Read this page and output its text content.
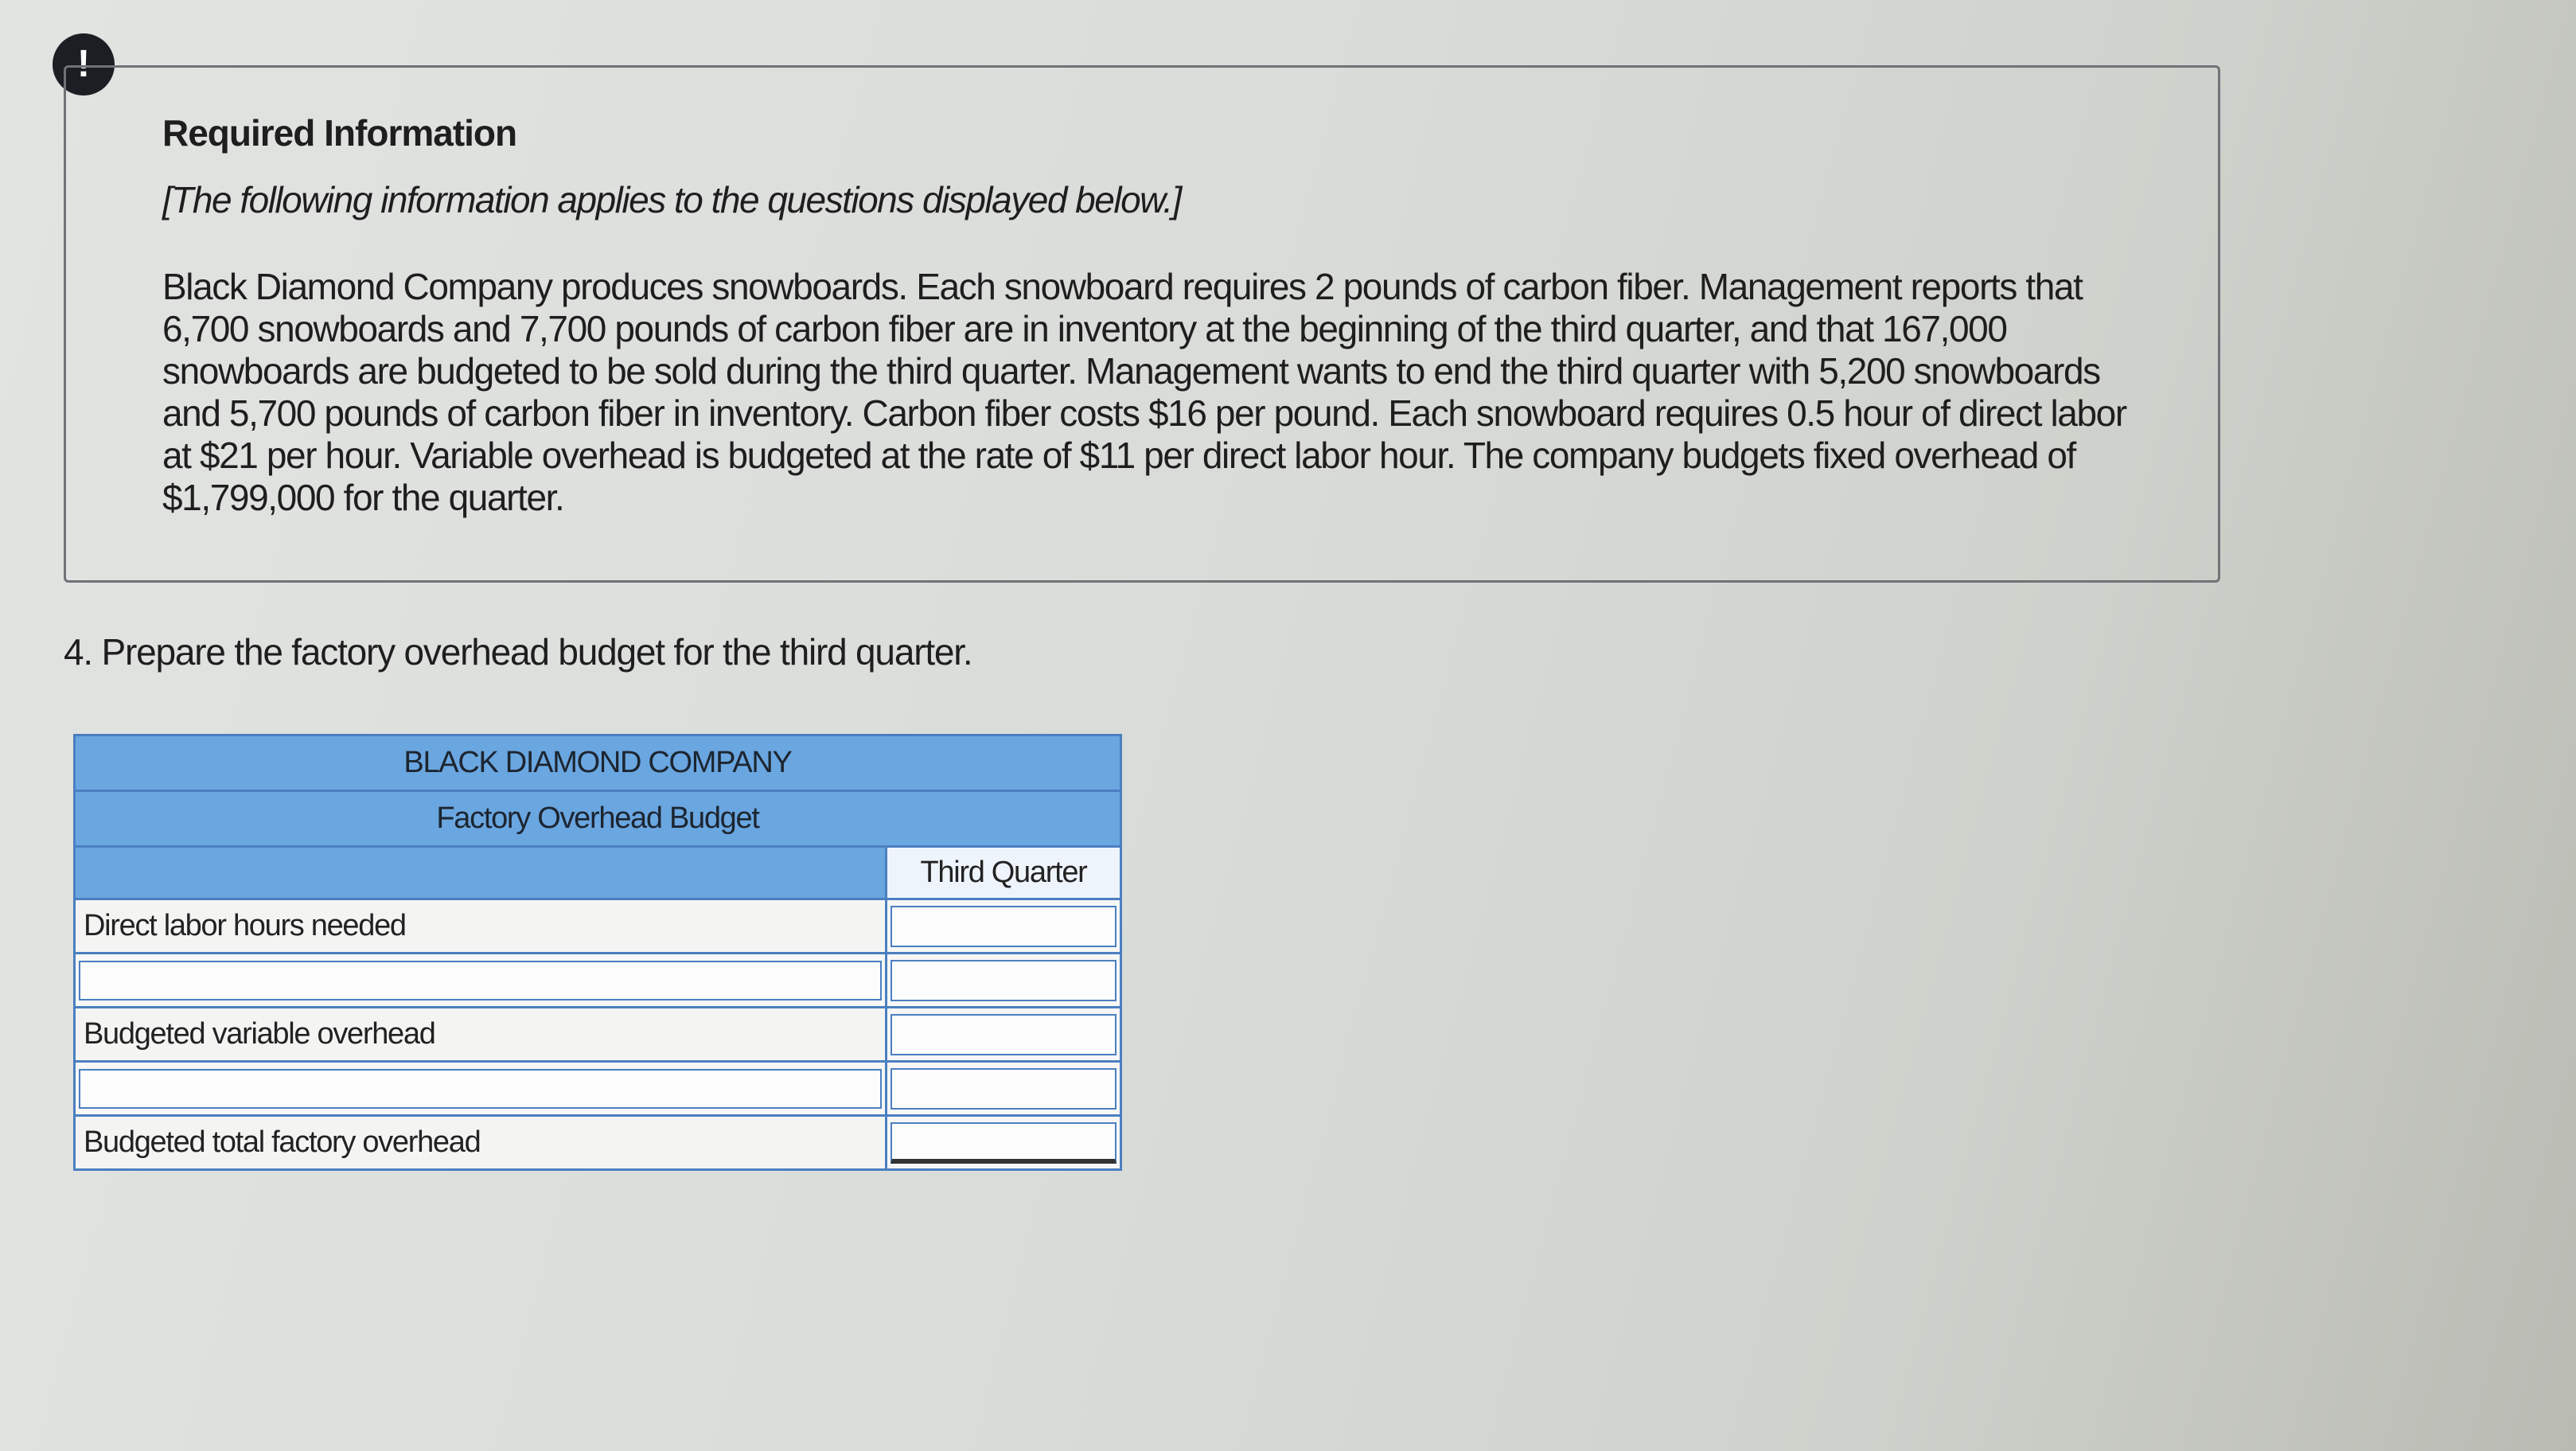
!

Required Information

[The following information applies to the questions displayed below.]

Black Diamond Company produces snowboards. Each snowboard requires 2 pounds of carbon fiber. Management reports that 6,700 snowboards and 7,700 pounds of carbon fiber are in inventory at the beginning of the third quarter, and that 167,000 snowboards are budgeted to be sold during the third quarter. Management wants to end the third quarter with 5,200 snowboards and 5,700 pounds of carbon fiber in inventory. Carbon fiber costs $16 per pound. Each snowboard requires 0.5 hour of direct labor at $21 per hour. Variable overhead is budgeted at the rate of $11 per direct labor hour. The company budgets fixed overhead of $1,799,000 for the quarter.

4. Prepare the factory overhead budget for the third quarter.

BLACK DIAMOND COMPANY	
Factory Overhead Budget	
	Third Quarter
Direct labor hours needed	

Budgeted variable overhead	

Budgeted total factory overhead	
